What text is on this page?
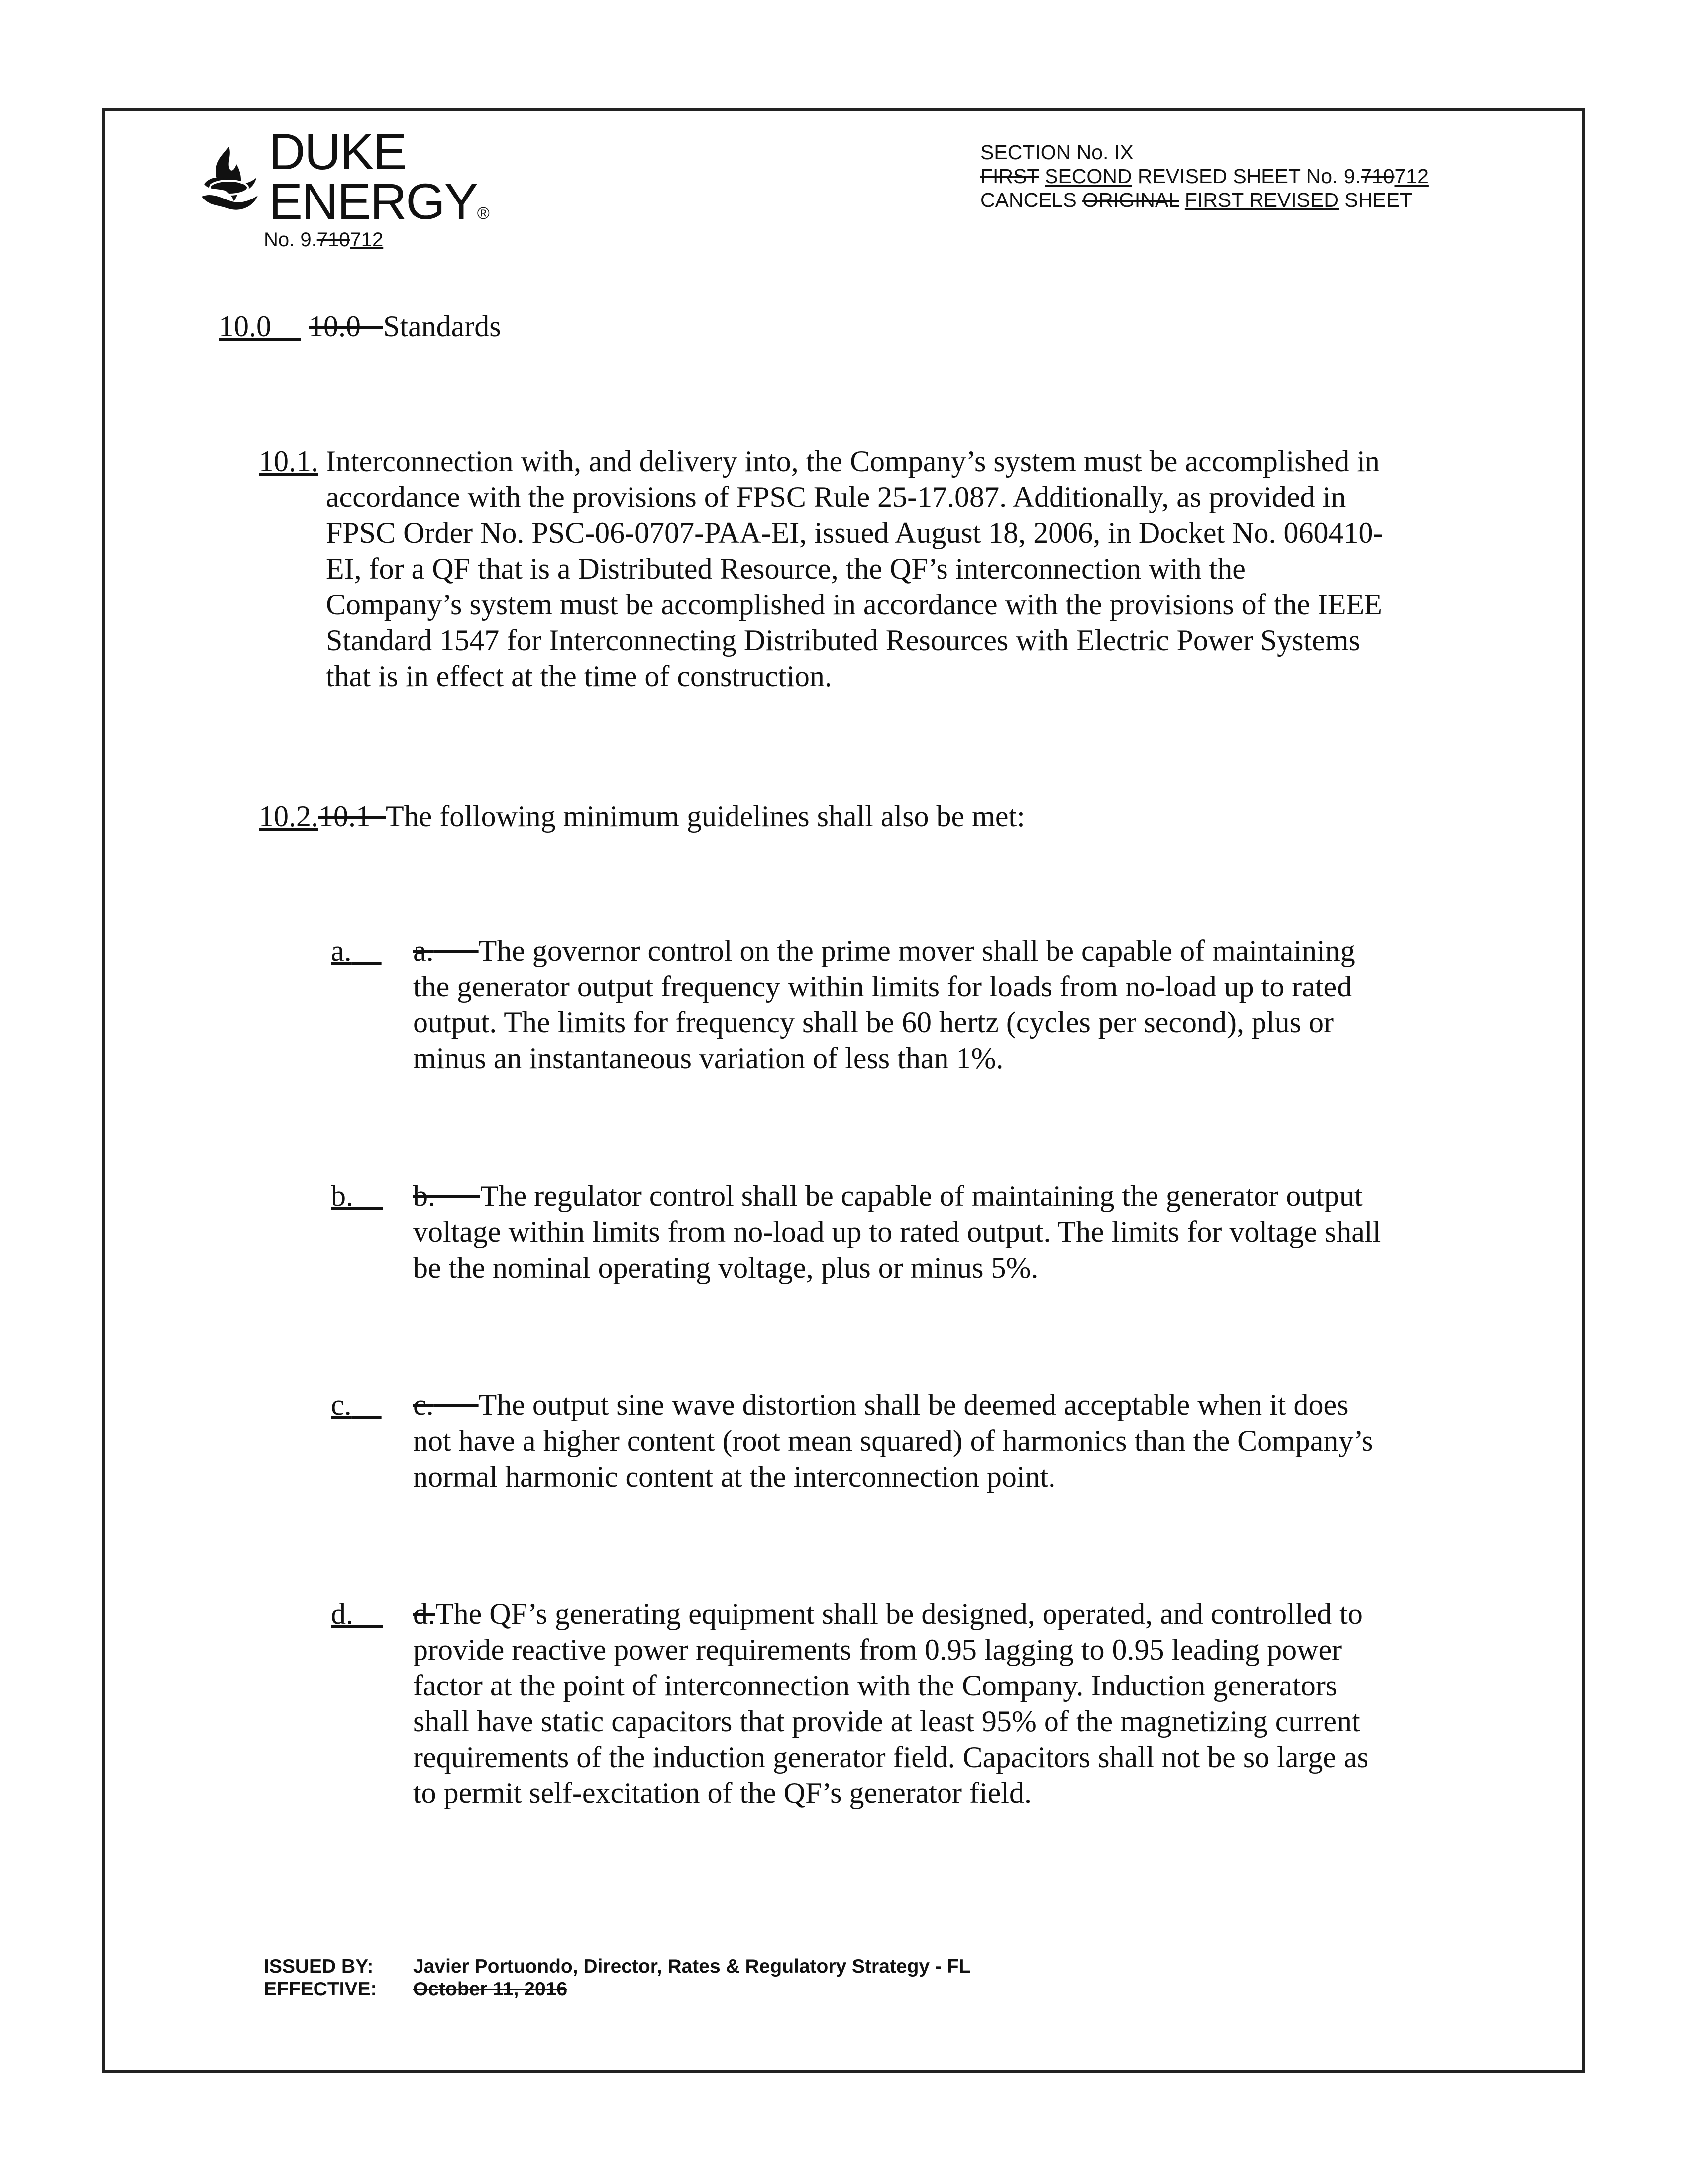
DUKE
ENERGY®
No. 9.710712
SECTION No. IX
FIRST SECOND REVISED SHEET No. 9.710712
CANCELS ORIGINAL FIRST REVISED SHEET
10.0 10.0 Standards
10.1. Interconnection with, and delivery into, the Company’s system must be accomplished in
accordance with the provisions of FPSC Rule 25-17.087. Additionally, as provided in
FPSC Order No. PSC-06-0707-PAA-EI, issued August 18, 2006, in Docket No. 060410-
EI, for a QF that is a Distributed Resource, the QF’s interconnection with the
Company’s system must be accomplished in accordance with the provisions of the IEEE
Standard 1547 for Interconnecting Distributed Resources with Electric Power Systems
that is in effect at the time of construction.
10.2.10.1 The following minimum guidelines shall also be met:
a.	a. The governor control on the prime mover shall be capable of maintaining
the generator output frequency within limits for loads from no-load up to rated
output. The limits for frequency shall be 60 hertz (cycles per second), plus or
minus an instantaneous variation of less than 1%.
b.	b. The regulator control shall be capable of maintaining the generator output
voltage within limits from no-load up to rated output. The limits for voltage shall
be the nominal operating voltage, plus or minus 5%.
c.	c. The output sine wave distortion shall be deemed acceptable when it does
not have a higher content (root mean squared) of harmonics than the Company’s
normal harmonic content at the interconnection point.
d.	d.The QF’s generating equipment shall be designed, operated, and controlled to
provide reactive power requirements from 0.95 lagging to 0.95 leading power
factor at the point of interconnection with the Company. Induction generators
shall have static capacitors that provide at least 95% of the magnetizing current
requirements of the induction generator field. Capacitors shall not be so large as
to permit self-excitation of the QF’s generator field.
ISSUED BY: Javier Portuondo, Director, Rates & Regulatory Strategy - FL
EFFECTIVE: October 11, 2016
